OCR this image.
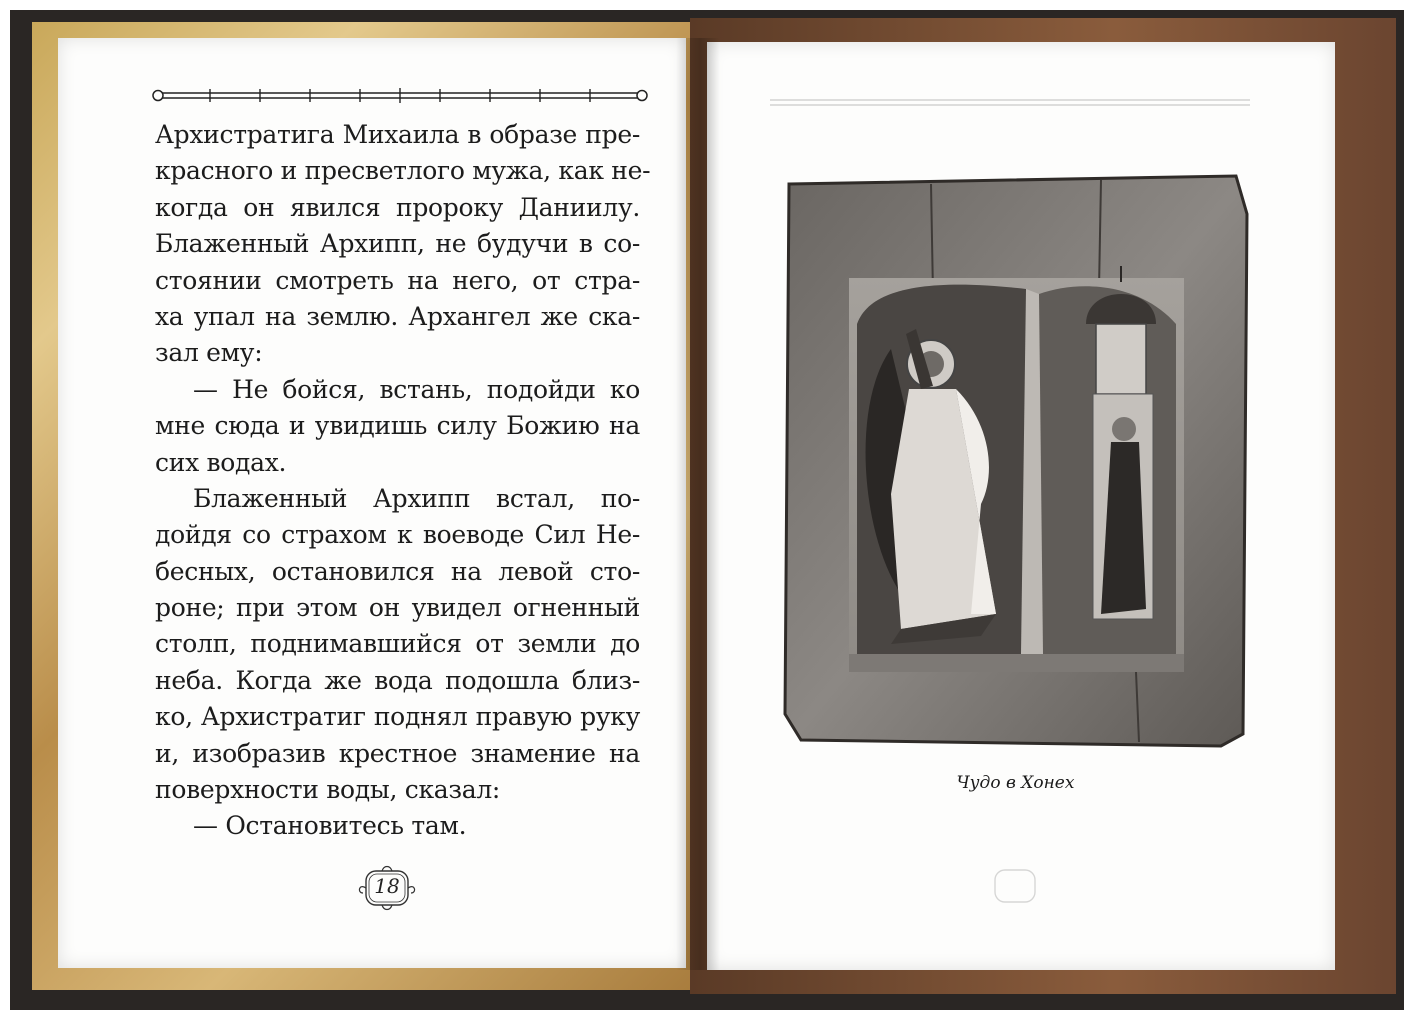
Архистратига Михаила в образе пре-
красного и пресветлого мужа, как не-
когда он явился пророку Даниилу.
Блаженный Архипп, не будучи в со-
стоянии смотреть на него, от стра-
ха упал на землю. Архангел же ска-
зал ему:
— Не бойся, встань, подойди ко
мне сюда и увидишь силу Божию на
сих водах.
Блаженный Архипп встал, по-
дойдя со страхом к воеводе Сил Не-
бесных, остановился на левой сто-
роне; при этом он увидел огненный
столп, поднимавшийся от земли до
неба. Когда же вода подошла близ-
ко, Архистратиг поднял правую руку
и, изобразив крестное знамение на
поверхности воды, сказал:
— Остановитесь там.
18
Чудо в Хонех
